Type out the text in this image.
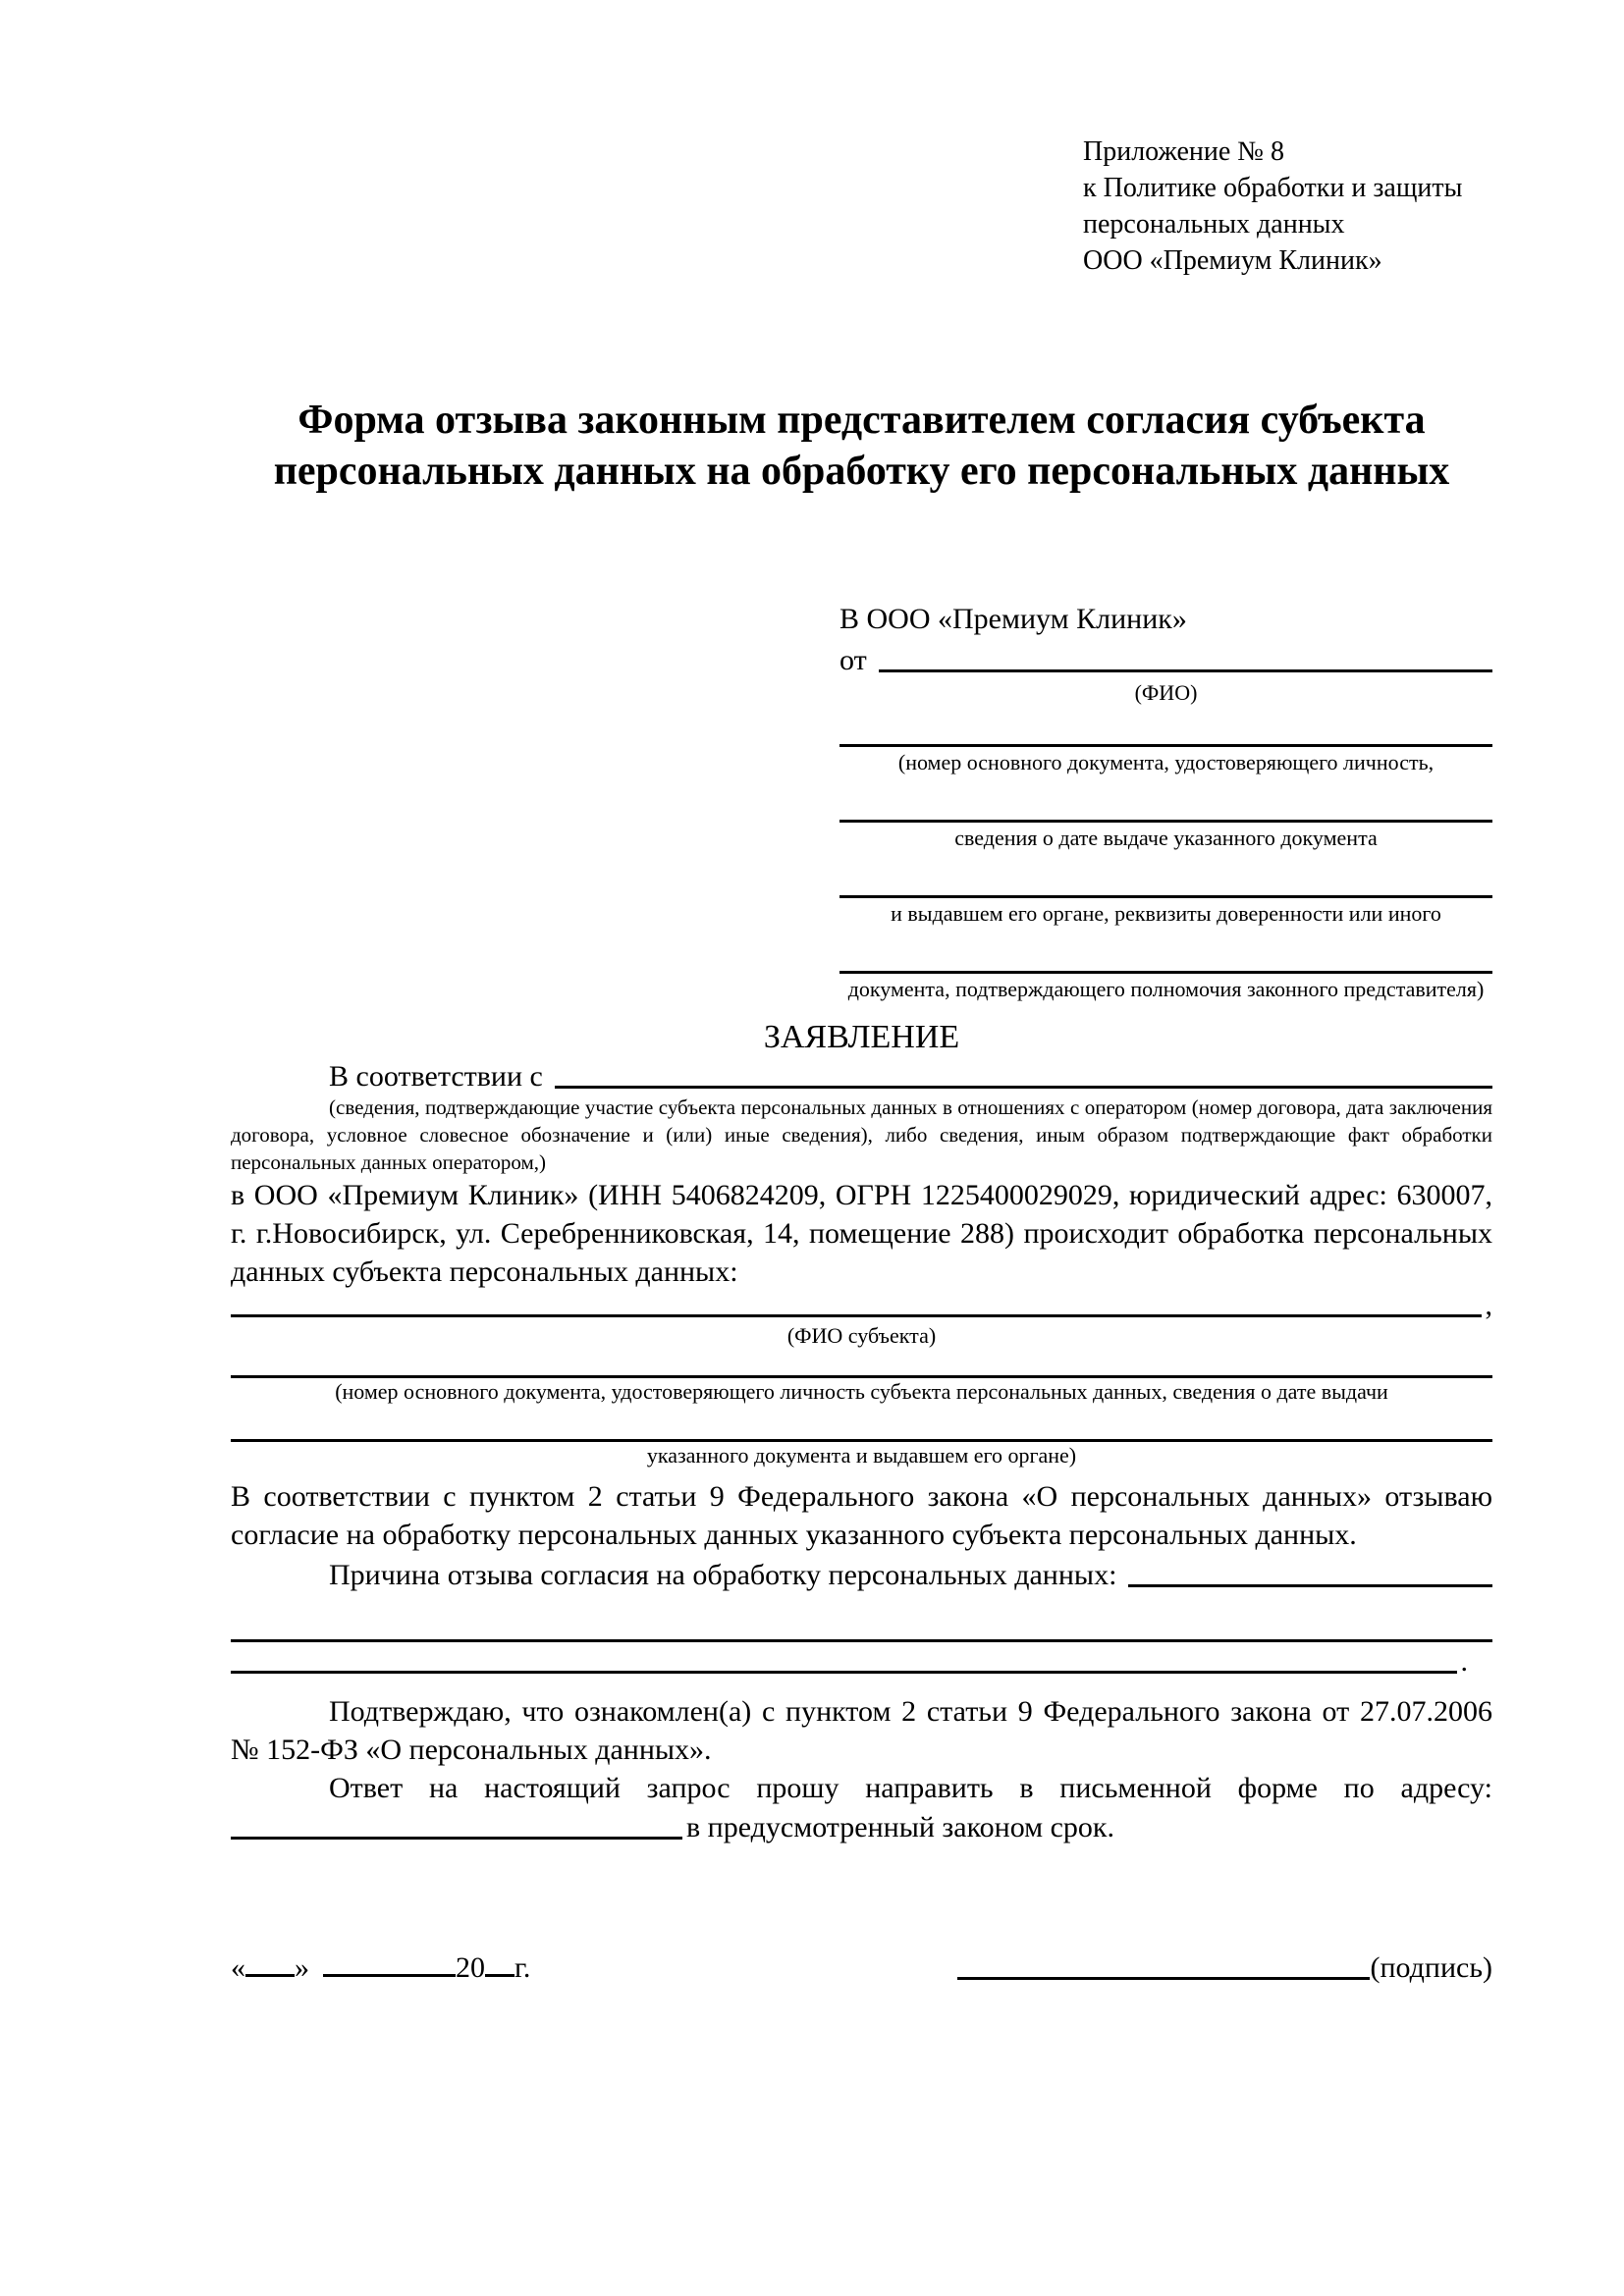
Приложение № 8
к Политике обработки и защиты
персональных данных
ООО «Премиум Клиник»
Форма отзыва законным представителем согласия субъекта
персональных данных на обработку его персональных данных
В ООО «Премиум Клиник»
от
(ФИО)
(номер основного документа, удостоверяющего личность,
сведения о дате выдаче указанного документа
и выдавшем его органе, реквизиты доверенности или иного
документа, подтверждающего полномочия законного представителя)
ЗАЯВЛЕНИЕ
В соответствии с
(сведения, подтверждающие участие субъекта персональных данных в отношениях с оператором (номер договора, дата заключения договора, условное словесное обозначение и (или) иные сведения), либо сведения, иным образом подтверждающие факт обработки персональных данных оператором,)

в ООО «Премиум Клиник» (ИНН 5406824209, ОГРН 1225400029029, юридический адрес: 630007, г. г.Новосибирск, ул. Серебренниковская, 14, помещение 288) происходит обработка персональных данных субъекта персональных данных:

,
(ФИО субъекта)
(номер основного документа, удостоверяющего личность субъекта персональных данных, сведения о дате выдачи
указанного документа и выдавшем его органе)

В соответствии с пунктом 2 статьи 9 Федерального закона «О персональных данных» отзываю согласие на обработку персональных данных указанного субъекта персональных данных.

Причина отзыва согласия на обработку персональных данных:
.

Подтверждаю, что ознакомлен(а) с пунктом 2 статьи 9 Федерального закона от 27.07.2006 № 152-ФЗ «О персональных данных».

Ответ на настоящий запрос прошу направить в письменной форме по адресу:

в предусмотренный законом срок.
« »	20 г.	(подпись)
